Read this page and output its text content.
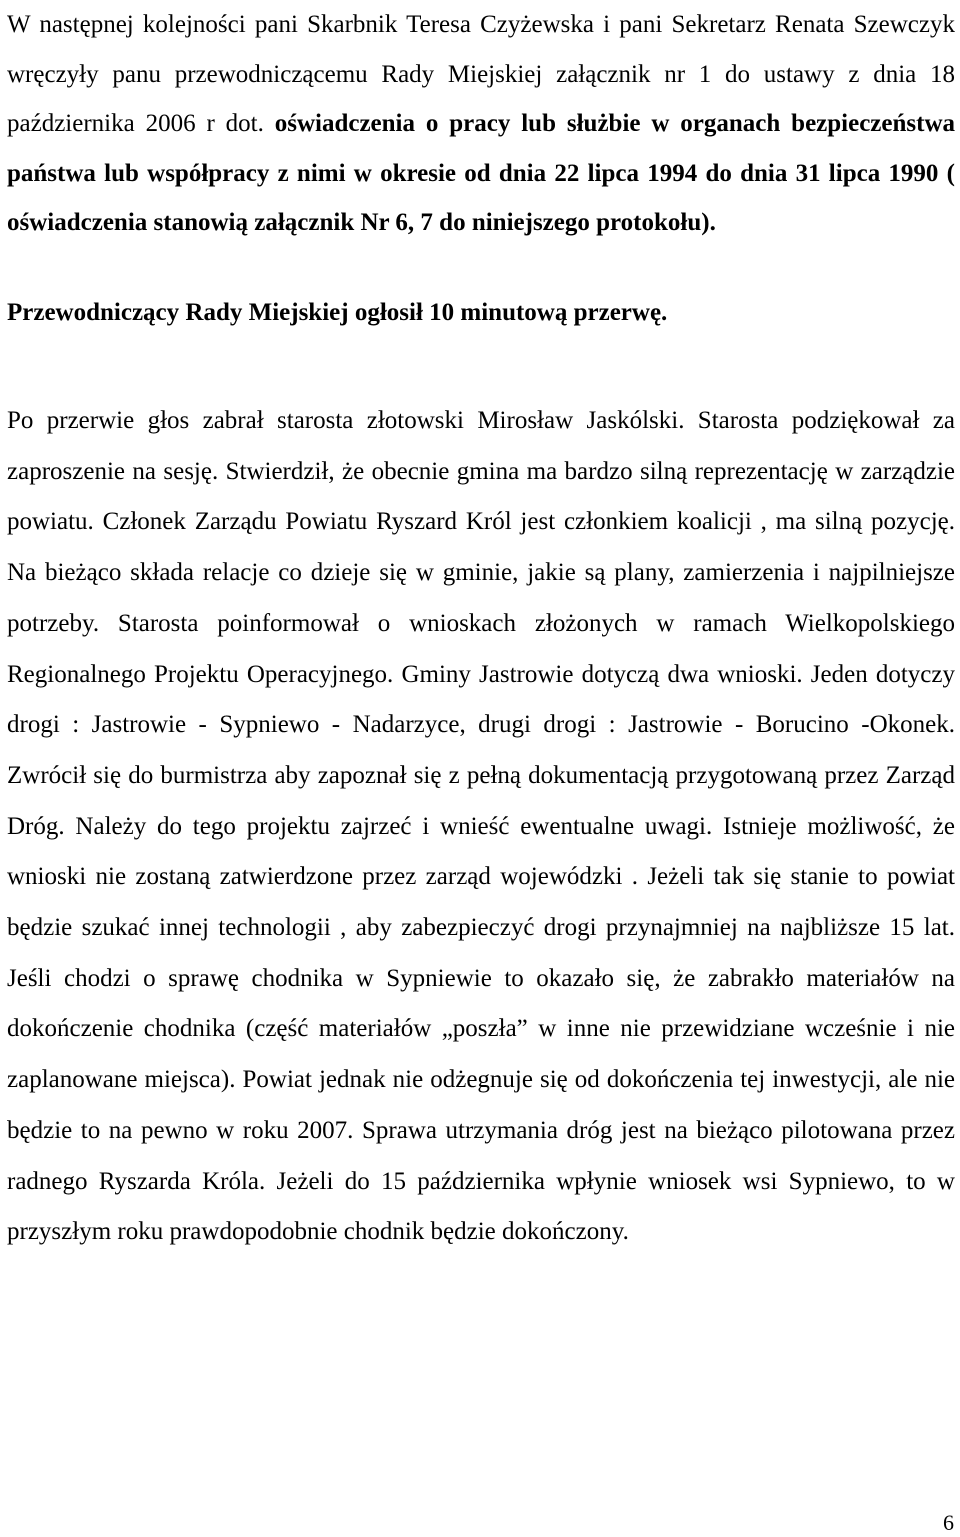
W następnej kolejności pani Skarbnik Teresa Czyżewska i pani Sekretarz Renata Szewczyk wręczyły panu przewodniczącemu Rady Miejskiej załącznik nr 1 do ustawy z dnia 18 października 2006 r dot. oświadczenia o pracy lub służbie w organach bezpieczeństwa państwa lub współpracy z nimi w okresie od dnia 22 lipca 1994 do dnia 31 lipca 1990 ( oświadczenia stanowią załącznik Nr 6, 7 do niniejszego protokołu).

Przewodniczący Rady Miejskiej ogłosił 10 minutową przerwę.

Po przerwie głos zabrał starosta złotowski Mirosław Jaskólski. Starosta podziękował za zaproszenie na sesję. Stwierdził, że obecnie gmina ma bardzo silną reprezentację w zarządzie powiatu. Członek Zarządu Powiatu Ryszard Król jest członkiem koalicji , ma silną pozycję. Na bieżąco składa relacje co dzieje się w gminie, jakie są plany, zamierzenia i najpilniejsze potrzeby. Starosta poinformował o wnioskach złożonych w ramach Wielkopolskiego Regionalnego Projektu Operacyjnego. Gminy Jastrowie dotyczą dwa wnioski. Jeden dotyczy drogi : Jastrowie - Sypniewo - Nadarzyce, drugi drogi : Jastrowie - Borucino -Okonek. Zwrócił się do burmistrza aby zapoznał się z pełną dokumentacją przygotowaną przez Zarząd Dróg. Należy do tego projektu zajrzeć i wnieść ewentualne uwagi. Istnieje możliwość, że wnioski nie zostaną zatwierdzone przez zarząd wojewódzki . Jeżeli tak się stanie to powiat będzie szukać innej technologii , aby zabezpieczyć drogi przynajmniej na najbliższe 15 lat. Jeśli chodzi o sprawę chodnika w Sypniewie to okazało się, że zabrakło materiałów na dokończenie chodnika (część materiałów „poszła” w inne nie przewidziane wcześnie i nie zaplanowane miejsca). Powiat jednak nie odżegnuje się od dokończenia tej inwestycji, ale nie będzie to na pewno w roku 2007. Sprawa utrzymania dróg jest na bieżąco pilotowana przez radnego Ryszarda Króla. Jeżeli do 15 października wpłynie wniosek wsi Sypniewo, to w przyszłym roku prawdopodobnie chodnik będzie dokończony.

6
